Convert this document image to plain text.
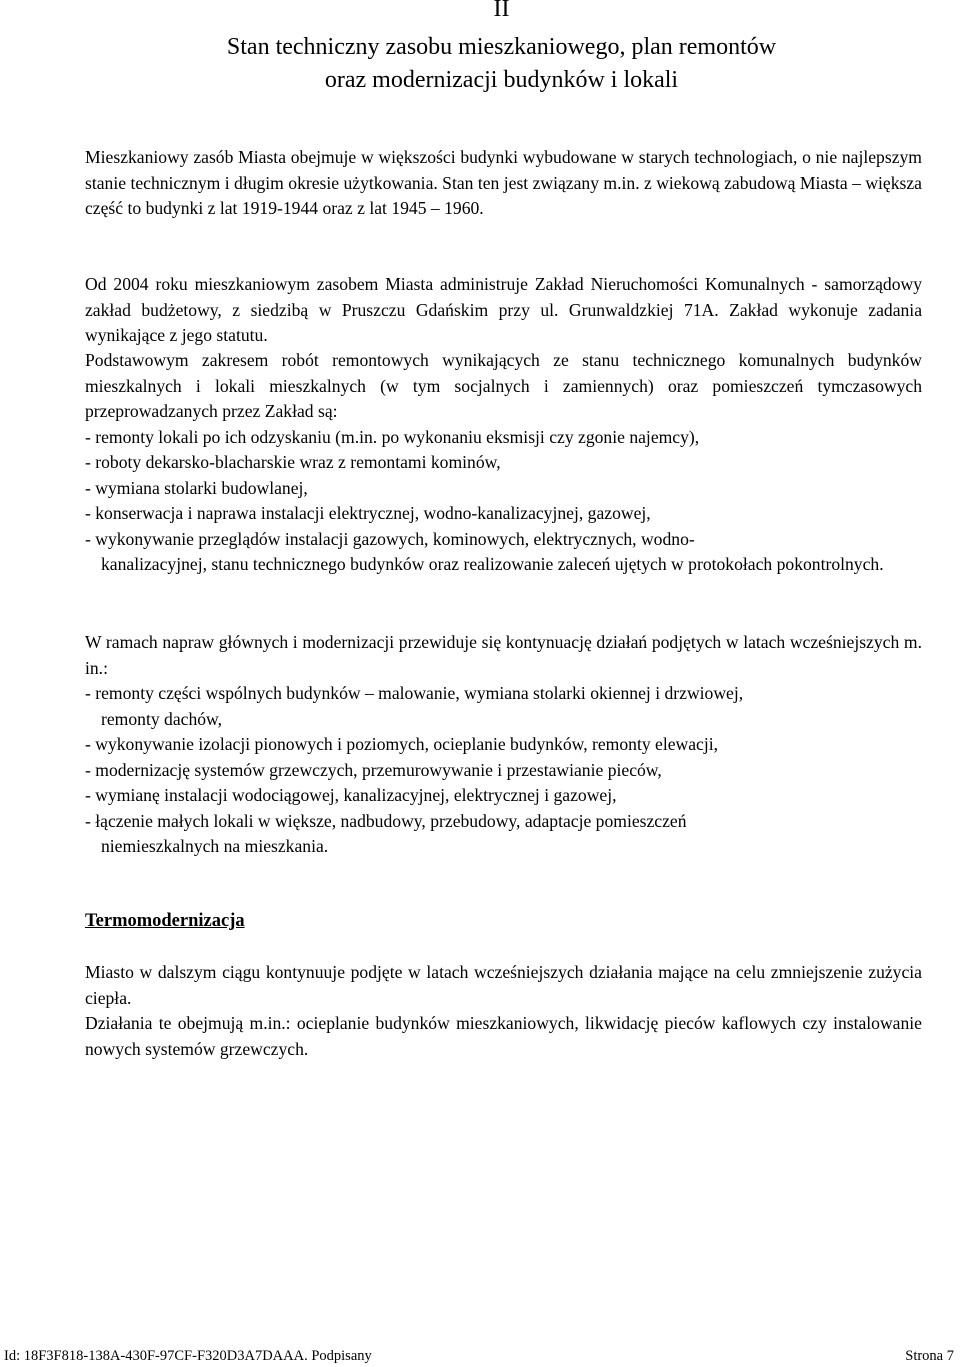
II
Stan techniczny zasobu mieszkaniowego, plan remontów
oraz modernizacji budynków i lokali
Mieszkaniowy zasób Miasta obejmuje w większości budynki wybudowane w starych technologiach, o nie najlepszym stanie technicznym i długim okresie użytkowania. Stan ten jest związany m.in. z wiekową zabudową Miasta – większa część to budynki z lat 1919-1944 oraz z lat 1945 – 1960.
Od 2004 roku mieszkaniowym zasobem Miasta administruje Zakład Nieruchomości Komunalnych - samorządowy zakład budżetowy, z siedzibą w Pruszczu Gdańskim przy ul. Grunwaldzkiej 71A. Zakład wykonuje zadania wynikające z jego statutu.
Podstawowym zakresem robót remontowych wynikających ze stanu technicznego komunalnych budynków mieszkalnych i lokali mieszkalnych (w tym socjalnych i zamiennych) oraz pomieszczeń tymczasowych przeprowadzanych przez Zakład są:
- remonty lokali po ich odzyskaniu (m.in. po wykonaniu eksmisji czy zgonie najemcy),
- roboty dekarsko-blacharskie wraz z remontami kominów,
- wymiana stolarki budowlanej,
- konserwacja i naprawa instalacji elektrycznej, wodno-kanalizacyjnej, gazowej,
- wykonywanie przeglądów instalacji gazowych, kominowych, elektrycznych, wodno-
kanalizacyjnej, stanu technicznego budynków oraz realizowanie zaleceń ujętych w protokołach pokontrolnych.
W ramach napraw głównych i modernizacji przewiduje się kontynuację działań podjętych w latach wcześniejszych m. in.:
- remonty części wspólnych budynków – malowanie, wymiana stolarki okiennej i drzwiowej,
remonty dachów,
- wykonywanie izolacji pionowych i poziomych, ocieplanie budynków, remonty elewacji,
- modernizację systemów grzewczych, przemurowywanie i przestawianie pieców,
- wymianę instalacji wodociągowej, kanalizacyjnej, elektrycznej i gazowej,
- łączenie małych lokali w większe, nadbudowy, przebudowy, adaptacje pomieszczeń
niemieszkalnych na mieszkania.
Termomodernizacja
Miasto w dalszym ciągu kontynuuje podjęte w latach wcześniejszych działania mające na celu zmniejszenie zużycia ciepła.
Działania te obejmują m.in.: ocieplanie budynków mieszkaniowych, likwidację pieców kaflowych czy instalowanie nowych systemów grzewczych.
Id: 18F3F818-138A-430F-97CF-F320D3A7DAAA. Podpisany	Strona 7
